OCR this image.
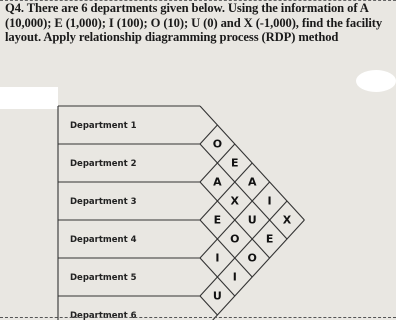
Q4. There are 6 departments given below. Using the information of A (10,000); E (1,000); I (100); O (10); U (0) and X (-1,000), find the facility layout. Apply relationship diagramming process (RDP) method
Department 1
Department 2
Department 3
Department 4
Department 5
Department 6
O
E
A
I
X
A
X
U
E
E
O
O
I
I
U
